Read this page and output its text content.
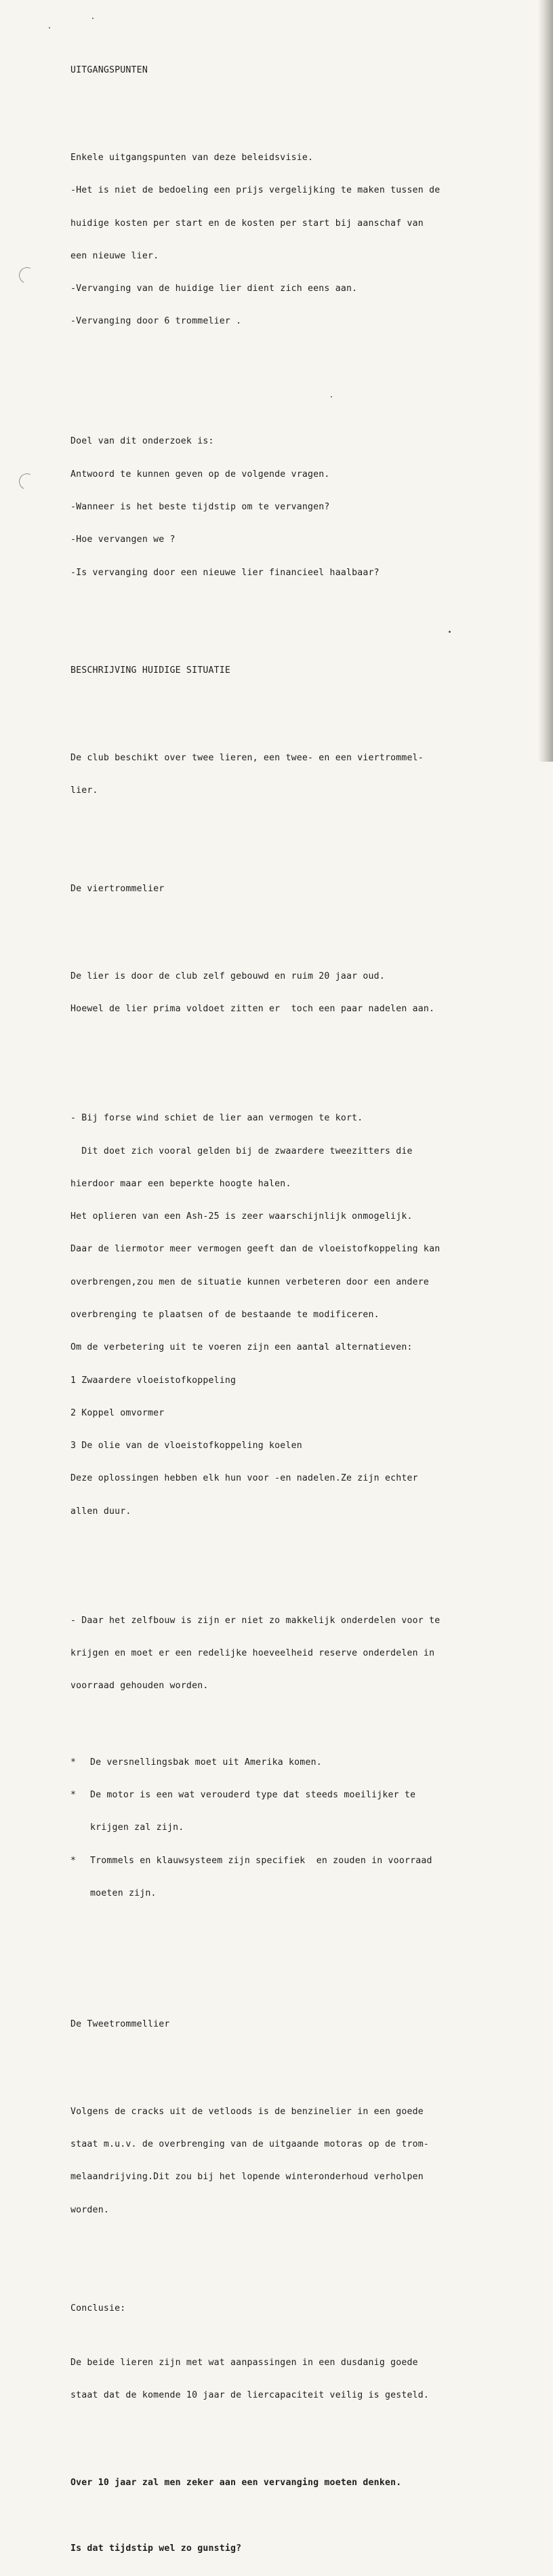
UITGANGSPUNTEN

Enkele uitgangspunten van deze beleidsvisie.

-Het is niet de bedoeling een prijs vergelijking te maken tussen de

huidige kosten per start en de kosten per start bij aanschaf van

een nieuwe lier.

-Vervanging van de huidige lier dient zich eens aan.

-Vervanging door 6 trommelier .

Doel van dit onderzoek is:

Antwoord te kunnen geven op de volgende vragen.

-Wanneer is het beste tijdstip om te vervangen?

-Hoe vervangen we ?

-Is vervanging door een nieuwe lier financieel haalbaar?

BESCHRIJVING HUIDIGE SITUATIE

De club beschikt over twee lieren, een twee- en een viertrommel-

lier.

De viertrommelier

De lier is door de club zelf gebouwd en ruim 20 jaar oud.

Hoewel de lier prima voldoet zitten er  toch een paar nadelen aan.

- Bij forse wind schiet de lier aan vermogen te kort.

Dit doet zich vooral gelden bij de zwaardere tweezitters die

hierdoor maar een beperkte hoogte halen.

Het oplieren van een Ash-25 is zeer waarschijnlijk onmogelijk.

Daar de liermotor meer vermogen geeft dan de vloeistofkoppeling kan

overbrengen,zou men de situatie kunnen verbeteren door een andere

overbrenging te plaatsen of de bestaande te modificeren.

Om de verbetering uit te voeren zijn een aantal alternatieven:

1 Zwaardere vloeistofkoppeling

2 Koppel omvormer

3 De olie van de vloeistofkoppeling koelen

Deze oplossingen hebben elk hun voor -en nadelen.Ze zijn echter

allen duur.

- Daar het zelfbouw is zijn er niet zo makkelijk onderdelen voor te

krijgen en moet er een redelijke hoeveelheid reserve onderdelen in

voorraad gehouden worden.

* De versnellingsbak moet uit Amerika komen.

* De motor is een wat verouderd type dat steeds moeilijker te

krijgen zal zijn.

* Trommels en klauwsysteem zijn specifiek  en zouden in voorraad

moeten zijn.

De Tweetrommellier

Volgens de cracks uit de vetloods is de benzinelier in een goede

staat m.u.v. de overbrenging van de uitgaande motoras op de trom-

melaandrijving.Dit zou bij het lopende winteronderhoud verholpen

worden.

Conclusie:

De beide lieren zijn met wat aanpassingen in een dusdanig goede

staat dat de komende 10 jaar de liercapaciteit veilig is gesteld.

Over 10 jaar zal men zeker aan een vervanging moeten denken.

Is dat tijdstip wel zo gunstig?
